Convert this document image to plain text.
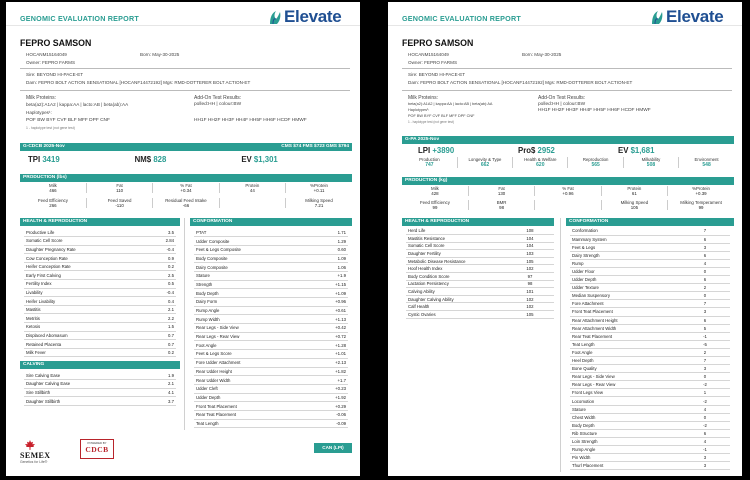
GENOMIC EVALUATION REPORT	Elevate
FEPRO SAMSON
HOCANM15164049	Born: May-30-2025
Owner: FEPRO FARMS
Sire: BEYOND HI-PACE-ET
Dam: FEPRO BOLT ACTION SENSATIONAL [HOCANF14472192] Mgs: RMD-DOTTERER BOLT ACTION-ET
Milk Proteins:
beta(a2):A1A2 | kappa:AA | lacto:AB | beta(ab):AA
Haplotypes¹:
POF BW BYF CVF BLF MFF DPF CNF
1 - haplotype test (not gene test)
Add-On Test Results:
polled:HH | colour:BW
HH1F HH2F HH3F HH4F HH5F HH6F HCDF HMWF
G-CDCB 2025-Nov	CMS $74 FMS $723 GMS $794
TPI 3419	NM$ 828	EV $1,301
PRODUCTION (lbs)
Milk	Fat	% Fat	Protein	%Protein
466	110	+0.34	44	+0.11
Feed Efficiency	Feed Saved	Residual Feed Intake		Milking Speed
266	-110	-66		7.21
HEALTH & REPRODUCTION
Productive Life	3.5
Somatic Cell Score	2.84
Daughter Pregnancy Rate	-0.4
Cow Conception Rate	0.9
Heifer Conception Rate	0.2
Early First Calving	2.5
Fertility Index	0.5
Livability	-0.4
Heifer Livability	0.4
Mastitis	2.1
Metritis	2.2
Ketosis	1.5
Displaced Abomasum	0.7
Retained Placenta	0.7
Milk Fever	0.2
CALVING
Sire Calving Ease	1.9
Daughter Calving Ease	2.1
Sire Stillbirth	4.1
Daughter Stillbirth	3.7
CONFORMATION
PTAT	1.71
Udder Composite	1.29
Feet & Legs Composite	0.60
Body Composite	1.09
Dairy Composite	1.06
Stature	+1.9
Strength	+1.15
Body Depth	+1.09
Dairy Form	+0.96
Rump Angle	+0.61
Rump Width	+1.13
Rear Legs - Side View	+0.42
Rear Legs - Rear View	+0.72
Foot Angle	+1.28
Feet & Legs Score	+1.01
Fore Udder Attachment	+2.13
Rear Udder Height	+1.82
Rear Udder Width	+1.7
Udder Cleft	+0.23
Udder Depth	+1.92
Front Teat Placement	+0.29
Rear Teat Placement	-0.06
Teat Length	-0.09
SEMEX
Genetics for Life®
POWERED BY
CDCB	CAN (LPI)
GENOMIC EVALUATION REPORT	Elevate
FEPRO SAMSON
HOCANM15164049	Born: May-30-2025
Owner: FEPRO FARMS
Sire: BEYOND HI-PACE-ET
Dam: FEPRO BOLT ACTION SENSATIONAL [HOCANF14472192] Mgs: RMD-DOTTERER BOLT ACTION-ET
Milk Proteins:
beta(a2):A1A2 | kappa:AA | lacto:AB | beta(ab):AA
Haplotypes¹:
POF BW BYF CVF BLF MFF DPF CNF
1 - haplotype test (not gene test)
Add-On Test Results:
polled:HH | colour:BW
HH1F HH2F HH3F HH4F HH5F HH6F HCDF HMWF
G-PA 2025-Nov
LPI +3890	Pro$ 2952	EV $1,681
Production	Longevity & Type	Health & Welfare	Reproduction	Milkability	Environment
747	662	620	565	508	548
PRODUCTION (kg)
Milk	Fat	% Fat	Protein	%Protein
428	130	+0.96	61	+0.39
Feed Efficiency	BMR		Milking Speed	Milking Temperament
99	98		105	99
HEALTH & REPRODUCTION
Herd Life	108
Mastitis Resistance	104
Somatic Cell Score	104
Daughter Fertility	103
Metabolic Disease Resistance	105
Hoof Health Index	102
Body Condition Score	97
Lactation Persistency	98
Calving Ability	101
Daughter Calving Ability	102
Calf Health	102
Cystic Ovaries	105
CONFORMATION
Conformation	7
Mammary System	6
Feet & Legs	3
Dairy Strength	6
Rump	4
Udder Floor	0
Udder Depth	6
Udder Texture	2
Median Suspensory	0
Fore Attachment	7
Front Teat Placement	3
Rear Attachment Height	6
Rear Attachment Width	5
Rear Teat Placement	-1
Teat Length	-5
Foot Angle	2
Heel Depth	7
Bone Quality	3
Rear Legs - Side View	0
Rear Legs - Rear View	-2
Front Legs View	1
Locomotion	-2
Stature	4
Chest Width	0
Body Depth	-2
Rib Structure	6
Loin Strength	4
Rump Angle	-1
Pin Width	3
Thurl Placement	3
